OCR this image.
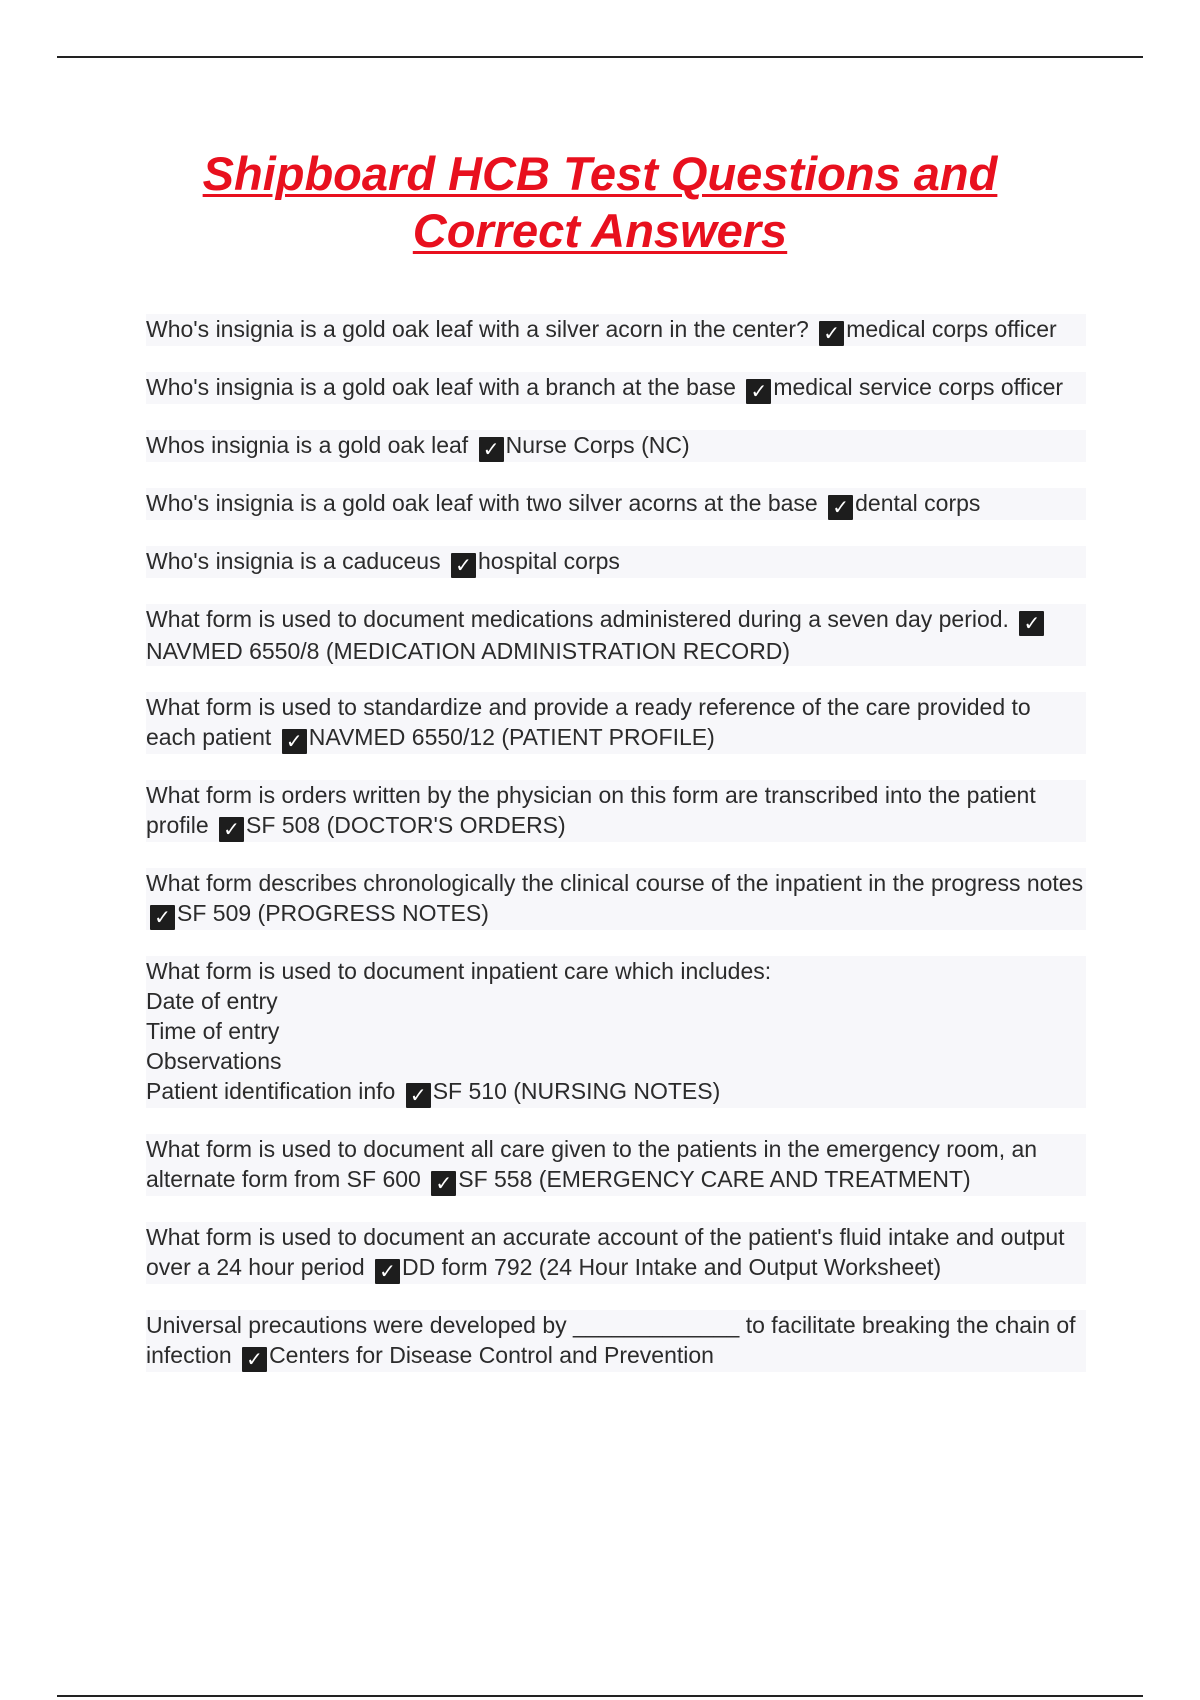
Shipboard HCB Test Questions and Correct Answers
Who's insignia is a gold oak leaf with a silver acorn in the center? ✓ medical corps officer
Who's insignia is a gold oak leaf with a branch at the base ✓ medical service corps officer
Whos insignia is a gold oak leaf ✓ Nurse Corps (NC)
Who's insignia is a gold oak leaf with two silver acorns at the base ✓ dental corps
Who's insignia is a caduceus ✓ hospital corps
What form is used to document medications administered during a seven day period. ✓NAVMED 6550/8 (MEDICATION ADMINISTRATION RECORD)
What form is used to standardize and provide a ready reference of the care provided to each patient ✓ NAVMED 6550/12 (PATIENT PROFILE)
What form is orders written by the physician on this form are transcribed into the patient profile ✓ SF 508 (DOCTOR'S ORDERS)
What form describes chronologically the clinical course of the inpatient in the progress notes ✓ SF 509 (PROGRESS NOTES)
What form is used to document inpatient care which includes:
Date of entry
Time of entry
Observations
Patient identification info ✓ SF 510 (NURSING NOTES)
What form is used to document all care given to the patients in the emergency room, an alternate form from SF 600 ✓ SF 558 (EMERGENCY CARE AND TREATMENT)
What form is used to document an accurate account of the patient's fluid intake and output over a 24 hour period ✓ DD form 792 (24 Hour Intake and Output Worksheet)
Universal precautions were developed by _____________ to facilitate breaking the chain of infection ✓ Centers for Disease Control and Prevention
